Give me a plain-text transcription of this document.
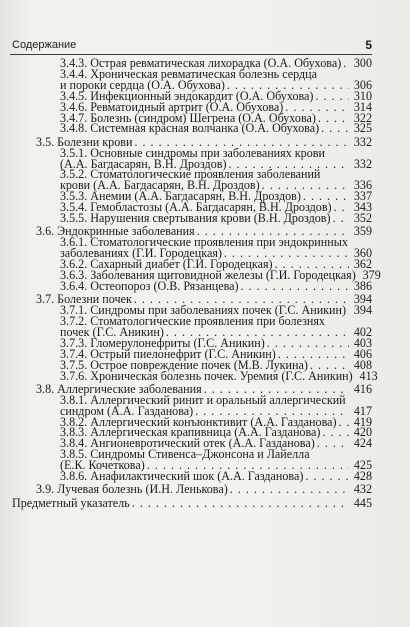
Содержание	5
3.4.3. Острая ревматическая лихорадка (О.А. Обухова) . . . 300
3.4.4. Хроническая ревматическая болезнь сердца
и пороки сердца (О.А. Обухова) . . .	306
3.4.5. Инфекционный эндокардит (О.А. Обухова) . . .	310
3.4.6. Ревматоидный артрит (О.А. Обухова) . . .	314
3.4.7. Болезнь (синдром) Шегрена (О.А. Обухова) . . .	322
3.4.8. Системная красная волчанка (О.А. Обухова) . . .	325
3.5. Болезни крови . . .	332
3.5.1. Основные синдромы при заболеваниях крови
(А.А. Багдасарян, В.Н. Дроздов) . . .	332
3.5.2. Стоматологические проявления заболеваний
крови (А.А. Багдасарян, В.Н. Дроздов) . . .	336
3.5.3. Анемии (А.А. Багдасарян, В.Н. Дроздов) . . .	337
3.5.4. Гемобластозы (А.А. Багдасарян, В.Н. Дроздов) . . . 343
3.5.5. Нарушения свертывания крови (В.Н. Дроздов) . . . 352
3.6. Эндокринные заболевания . . .	359
3.6.1. Стоматологические проявления при эндокринных
заболеваниях (Г.И. Городецкая) . . .	360
3.6.2. Сахарный диабет (Г.И. Городецкая) . . .	362
3.6.3. Заболевания щитовидной железы (Г.И. Городецкая) 379
3.6.4. Остеопороз (О.В. Рязанцева) . . .	386
3.7. Болезни почек . . .	394
3.7.1. Синдромы при заболеваниях почек (Г.С. Аникин) . . . 394
3.7.2. Стоматологические проявления при болезнях
почек (Г.С. Аникин) . . .	402
3.7.3. Гломерулонефриты (Г.С. Аникин) . . .	403
3.7.4. Острый пиелонефрит (Г.С. Аникин) . . .	406
3.7.5. Острое повреждение почек (М.В. Лукина) . . .	408
3.7.6. Хроническая болезнь почек. Уремия (Г.С. Аникин) 413
3.8. Аллергические заболевания . . .	416
3.8.1. Аллергический ринит и оральный аллергический
синдром (А.А. Газданова) . . .	417
3.8.2. Аллергический конъюнктивит (А.А. Газданова) . . . 419
3.8.3. Аллергическая крапивница (А.А. Газданова) . . .	420
3.8.4. Ангионевротический отек (А.А. Газданова) . . .	424
3.8.5. Синдромы Стивенса–Джонсона и Лайелла
(Е.К. Кочеткова) . . .	425
3.8.6. Анафилактический шок (А.А. Газданова) . . .	428
3.9. Лучевая болезнь (И.Н. Ленькова) . . .	432
Предметный указатель . . .	445
